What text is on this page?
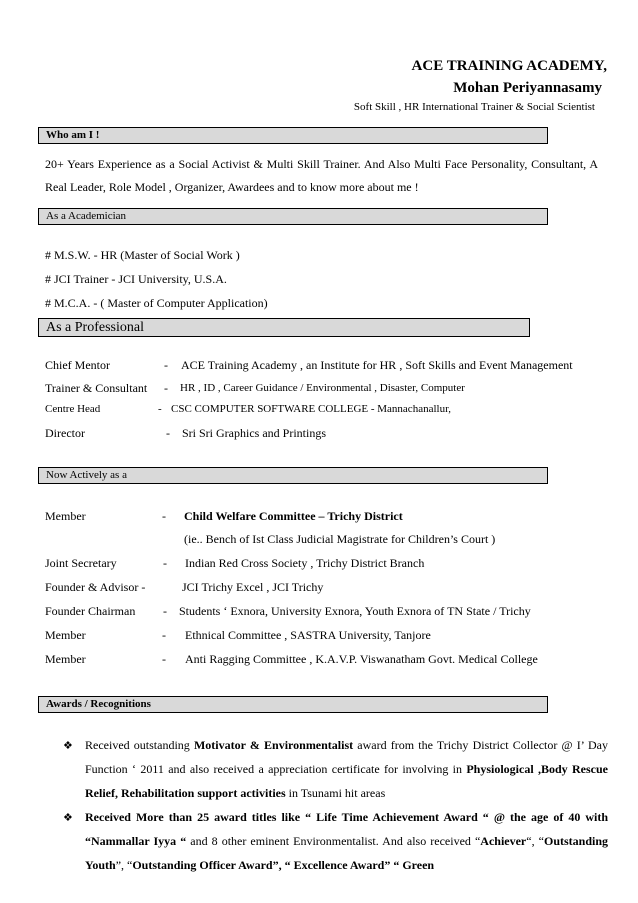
ACE TRAINING ACADEMY,
Mohan Periyannasamy
Soft Skill , HR International Trainer & Social Scientist
Who am I !
20+ Years Experience as a Social Activist & Multi Skill Trainer. And Also Multi Face Personality, Consultant, A Real Leader, Role Model , Organizer, Awardees and to know more about me !
As a Academician
# M.S.W. - HR (Master of Social Work )
# JCI Trainer - JCI University, U.S.A.
# M.C.A. - ( Master of Computer Application)
As a Professional
Chief Mentor	- ACE Training Academy , an Institute for HR , Soft Skills and Event Management
Trainer & Consultant - HR , ID , Career Guidance / Environmental , Disaster, Computer
Centre Head	- CSC COMPUTER SOFTWARE COLLEGE - Mannachanallur,
Director	- Sri Sri Graphics and Printings
Now Actively as a
Member	- Child Welfare Committee – Trichy District
(ie.. Bench of Ist Class Judicial Magistrate for Children’s Court )
Joint Secretary	- Indian Red Cross Society , Trichy District Branch
Founder & Advisor -	JCI Trichy Excel , JCI Trichy
Founder Chairman - Students ‘ Exnora, University Exnora, Youth Exnora of TN State / Trichy
Member	- Ethnical Committee , SASTRA University, Tanjore
Member	- Anti Ragging Committee , K.A.V.P. Viswanatham Govt. Medical College
Awards / Recognitions
❖ Received outstanding Motivator & Environmentalist award from the Trichy District Collector @ I’ Day Function ‘ 2011 and also received a appreciation certificate for involving in Physiological ,Body Rescue Relief, Rehabilitation support activities in Tsunami hit areas
❖ Received More than 25 award titles like “ Life Time Achievement Award “ @ the age of 40 with “Nammallar Iyya “ and 8 other eminent Environmentalist. And also received “Achiever“, “Outstanding Youth”, “Outstanding Officer Award”, “ Excellence Award” “ Green
